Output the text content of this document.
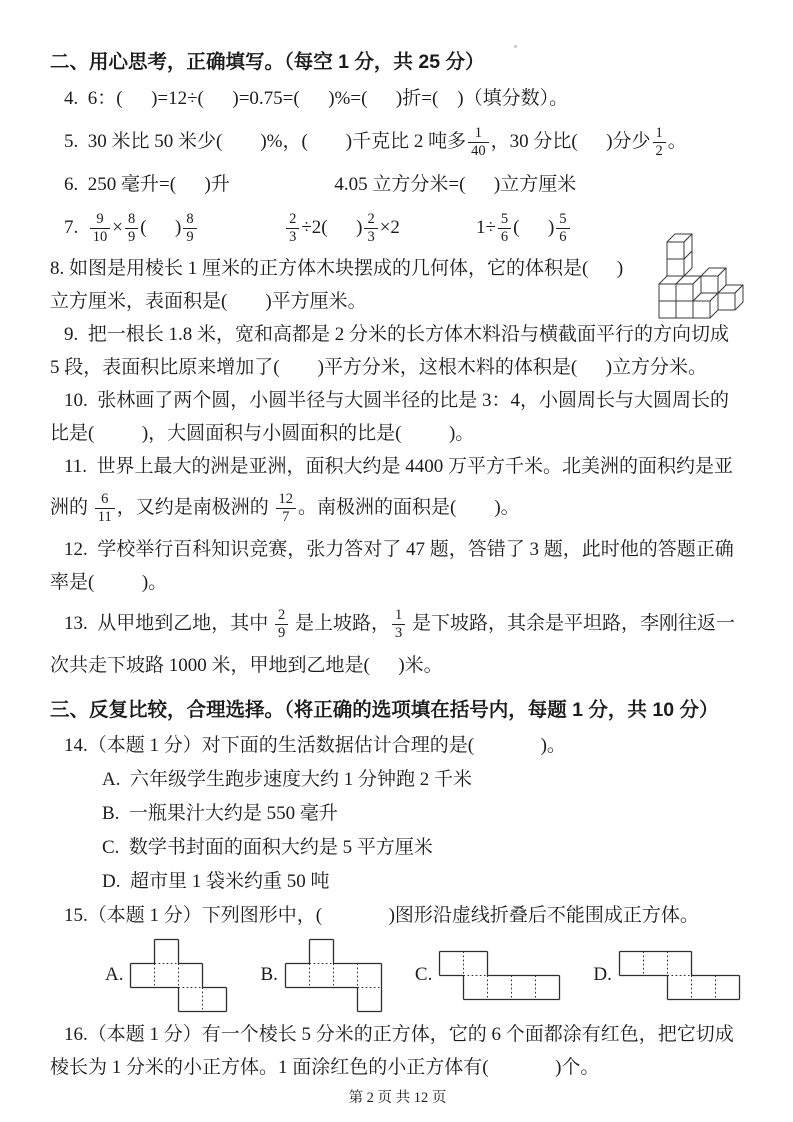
二、用心思考，正确填写。（每空 1 分，共 25 分）
4.  6：(      )=12÷(      )=0.75=(      )%=(      )折=(    )（填分数）。
5.  30 米比 50 米少(        )%，(        )千克比 2 吨多 $\frac{1}{40}$ ，30 分比(      )分少 $\frac{1}{2}$ 。
6.  250 毫升=(      )升                      4.05 立方分米=(      )立方厘米
7. $\frac{9}{10} \times \frac{8}{9}$ (      ) $\frac{8}{9}$	$\frac{2}{3} \div 2$(      ) $\frac{2}{3} \times 2$	$1\div \frac{5}{6}$ (      ) $\frac{5}{6}$
8. 如图是用棱长 1 厘米的正方体木块摆成的几何体，它的体积是(      )
立方厘米，表面积是(        )平方厘米。
9.  把一根长 1.8 米，宽和高都是 2 分米的长方体木料沿与横截面平行的方向切成
5 段，表面积比原来增加了(        )平方分米，这根木料的体积是(      )立方分米。
10.  张林画了两个圆，小圆半径与大圆半径的比是 3：4，小圆周长与大圆周长的
比是(          )，大圆面积与小圆面积的比是(          )。
11.  世界上最大的洲是亚洲，面积大约是 4400 万平方千米。北美洲的面积约是亚
洲的 $\frac{6}{11}$ ，又约是南极洲的 $\frac{12}{7}$ 。南极洲的面积是(        )。
12.  学校举行百科知识竞赛，张力答对了 47 题，答错了 3 题，此时他的答题正确
率是(          )。
13.  从甲地到乙地，其中 $\frac{2}{9}$ 是上坡路， $\frac{1}{3}$ 是下坡路，其余是平坦路，李刚往返一
次共走下坡路 1000 米，甲地到乙地是(      )米。
三、反复比较，合理选择。（将正确的选项填在括号内，每题 1 分，共 10 分）
14.（本题 1 分）对下面的生活数据估计合理的是(              )。
A.  六年级学生跑步速度大约 1 分钟跑 2 千米
B.  一瓶果汁大约是 550 毫升
C.  数学书封面的面积大约是 5 平方厘米
D.  超市里 1 袋米约重 50 吨
15.（本题 1 分）下列图形中，(              )图形沿虚线折叠后不能围成正方体。
A.	B.	C.	D.
16.（本题 1 分）有一个棱长 5 分米的正方体，它的 6 个面都涂有红色，把它切成
棱长为 1 分米的小正方体。1 面涂红色的小正方体有(              )个。
第 2 页 共 12 页
